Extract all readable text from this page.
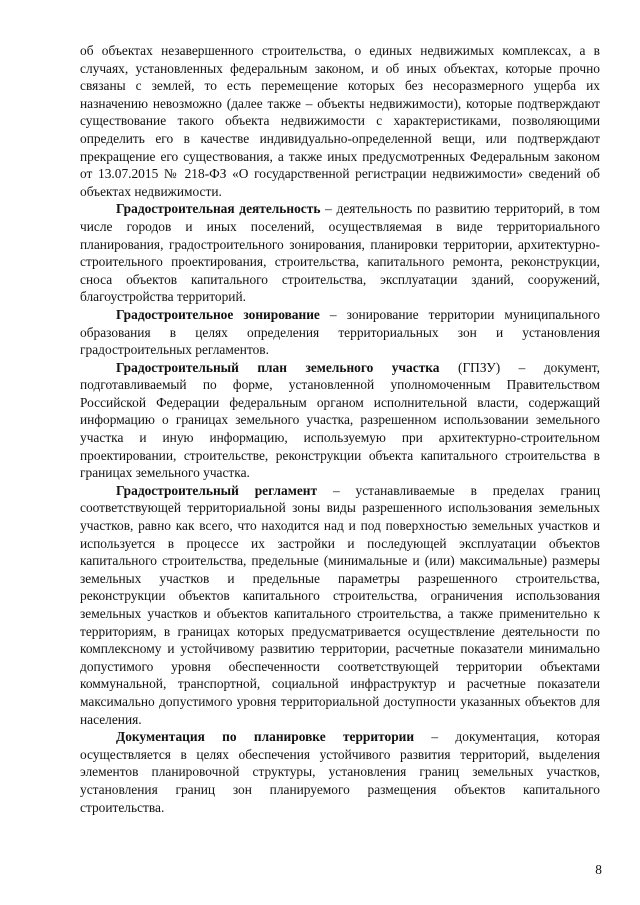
об объектах незавершенного строительства, о единых недвижимых комплексах, а в случаях, установленных федеральным законом, и об иных объектах, которые прочно связаны с землей, то есть перемещение которых без несоразмерного ущерба их назначению невозможно (далее также – объекты недвижимости), которые подтверждают существование такого объекта недвижимости с характеристиками, позволяющими определить его в качестве индивидуально-определенной вещи, или подтверждают прекращение его существования, а также иных предусмотренных Федеральным законом от 13.07.2015 № 218-ФЗ «О государственной регистрации недвижимости» сведений об объектах недвижимости.

Градостроительная деятельность – деятельность по развитию территорий, в том числе городов и иных поселений, осуществляемая в виде территориального планирования, градостроительного зонирования, планировки территории, архитектурно-строительного проектирования, строительства, капитального ремонта, реконструкции, сноса объектов капитального строительства, эксплуатации зданий, сооружений, благоустройства территорий.

Градостроительное зонирование – зонирование территории муниципального образования в целях определения территориальных зон и установления градостроительных регламентов.

Градостроительный план земельного участка (ГПЗУ) – документ, подготавливаемый по форме, установленной уполномоченным Правительством Российской Федерации федеральным органом исполнительной власти, содержащий информацию о границах земельного участка, разрешенном использовании земельного участка и иную информацию, используемую при архитектурно-строительном проектировании, строительстве, реконструкции объекта капитального строительства в границах земельного участка.

Градостроительный регламент – устанавливаемые в пределах границ соответствующей территориальной зоны виды разрешенного использования земельных участков, равно как всего, что находится над и под поверхностью земельных участков и используется в процессе их застройки и последующей эксплуатации объектов капитального строительства, предельные (минимальные и (или) максимальные) размеры земельных участков и предельные параметры разрешенного строительства, реконструкции объектов капитального строительства, ограничения использования земельных участков и объектов капитального строительства, а также применительно к территориям, в границах которых предусматривается осуществление деятельности по комплексному и устойчивому развитию территории, расчетные показатели минимально допустимого уровня обеспеченности соответствующей территории объектами коммунальной, транспортной, социальной инфраструктур и расчетные показатели максимально допустимого уровня территориальной доступности указанных объектов для населения.

Документация по планировке территории – документация, которая осуществляется в целях обеспечения устойчивого развития территорий, выделения элементов планировочной структуры, установления границ земельных участков, установления границ зон планируемого размещения объектов капитального строительства.

8
